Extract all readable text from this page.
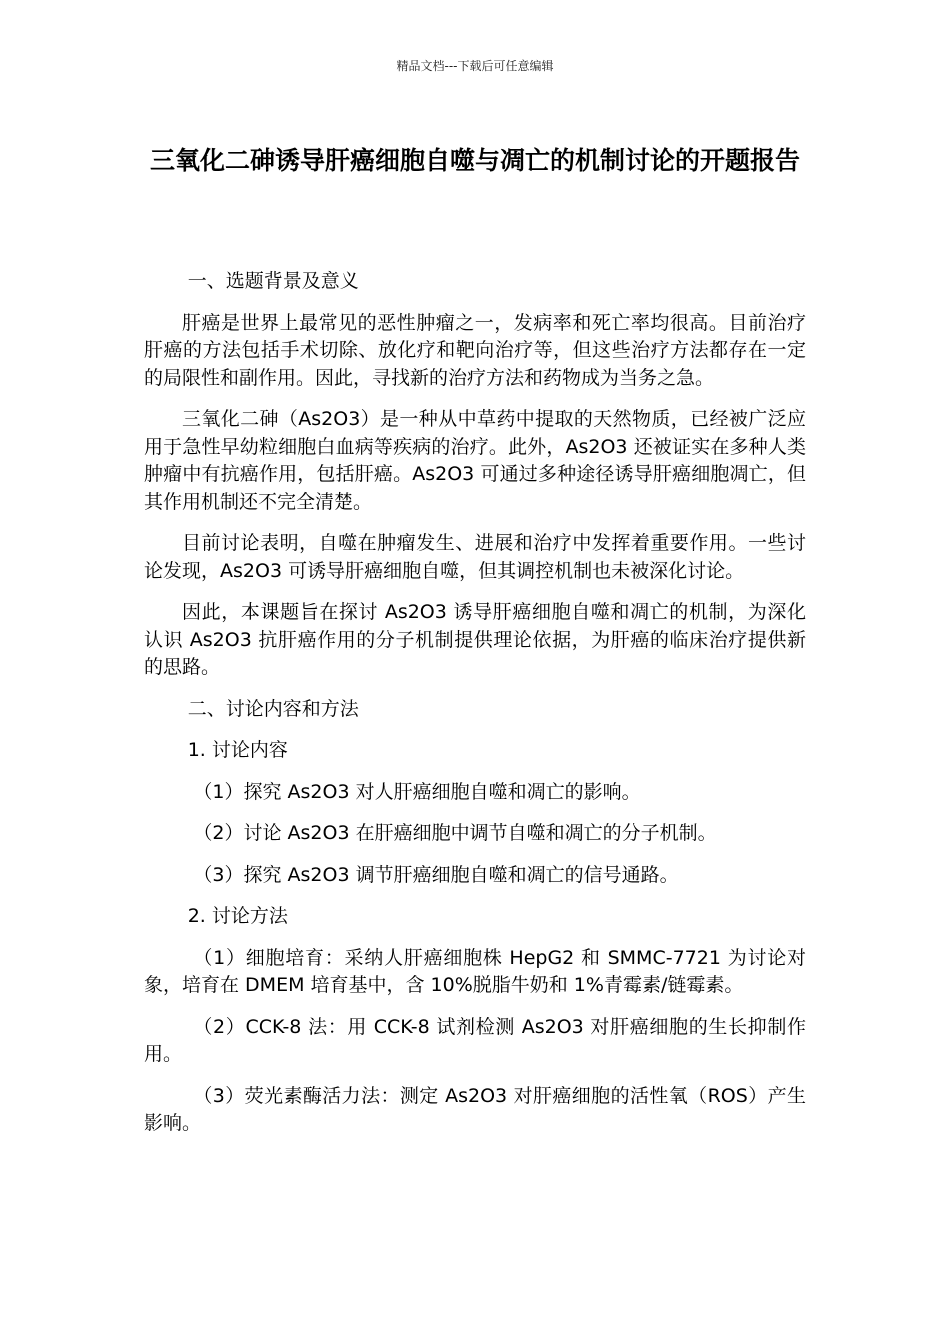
精品文档---下载后可任意编辑
三氧化二砷诱导肝癌细胞自噬与凋亡的机制讨论的开题报告

一、选题背景及意义

肝癌是世界上最常见的恶性肿瘤之一，发病率和死亡率均很高。目前治疗肝癌的方法包括手术切除、放化疗和靶向治疗等，但这些治疗方法都存在一定的局限性和副作用。因此，寻找新的治疗方法和药物成为当务之急。

三氧化二砷（As2O3）是一种从中草药中提取的天然物质，已经被广泛应用于急性早幼粒细胞白血病等疾病的治疗。此外，As2O3 还被证实在多种人类肿瘤中有抗癌作用，包括肝癌。As2O3 可通过多种途径诱导肝癌细胞凋亡，但其作用机制还不完全清楚。

目前讨论表明，自噬在肿瘤发生、进展和治疗中发挥着重要作用。一些讨论发现，As2O3 可诱导肝癌细胞自噬，但其调控机制也未被深化讨论。

因此，本课题旨在探讨 As2O3 诱导肝癌细胞自噬和凋亡的机制，为深化认识 As2O3 抗肝癌作用的分子机制提供理论依据，为肝癌的临床治疗提供新的思路。

二、讨论内容和方法

1. 讨论内容

（1）探究 As2O3 对人肝癌细胞自噬和凋亡的影响。

（2）讨论 As2O3 在肝癌细胞中调节自噬和凋亡的分子机制。

（3）探究 As2O3 调节肝癌细胞自噬和凋亡的信号通路。

2. 讨论方法

（1）细胞培育：采纳人肝癌细胞株 HepG2 和 SMMC-7721 为讨论对象，培育在 DMEM 培育基中，含 10%脱脂牛奶和 1%青霉素/链霉素。

（2）CCK-8 法：用 CCK-8 试剂检测 As2O3 对肝癌细胞的生长抑制作用。

（3）荧光素酶活力法：测定 As2O3 对肝癌细胞的活性氧（ROS）产生影响。
